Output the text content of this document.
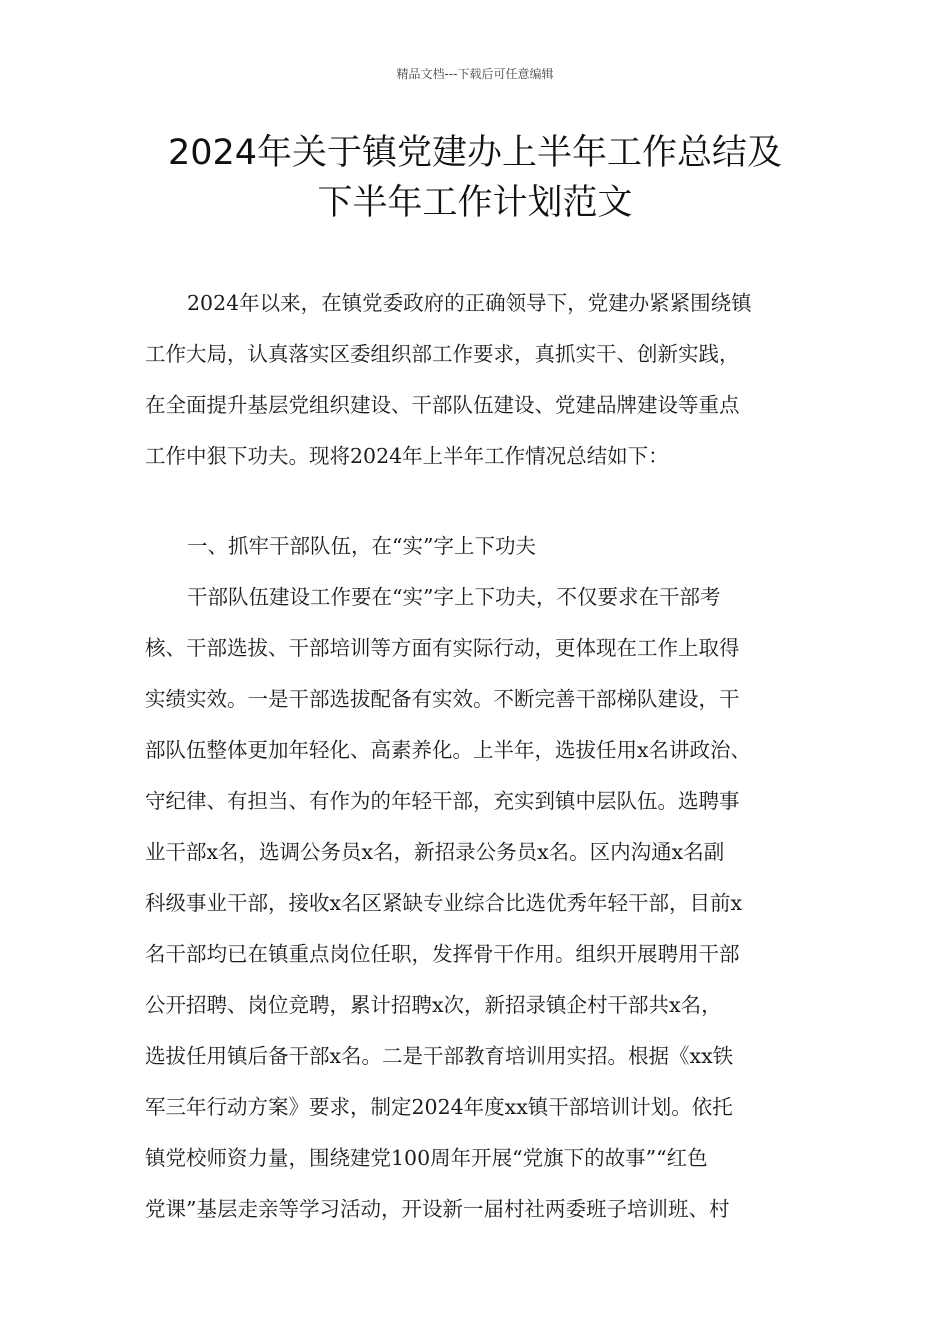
精品文档---下载后可任意编辑
2024年关于镇党建办上半年工作总结及
下半年工作计划范文
2024年以来，在镇党委政府的正确领导下，党建办紧紧围绕镇
工作大局，认真落实区委组织部工作要求，真抓实干、创新实践，
在全面提升基层党组织建设、干部队伍建设、党建品牌建设等重点
工作中狠下功夫。现将2024年上半年工作情况总结如下：
一、抓牢干部队伍，在“实”字上下功夫
干部队伍建设工作要在“实”字上下功夫，不仅要求在干部考
核、干部选拔、干部培训等方面有实际行动，更体现在工作上取得
实绩实效。一是干部选拔配备有实效。不断完善干部梯队建设，干
部队伍整体更加年轻化、高素养化。上半年，选拔任用x名讲政治、
守纪律、有担当、有作为的年轻干部，充实到镇中层队伍。选聘事
业干部x名，选调公务员x名，新招录公务员x名。区内沟通x名副
科级事业干部，接收x名区紧缺专业综合比选优秀年轻干部，目前x
名干部均已在镇重点岗位任职，发挥骨干作用。组织开展聘用干部
公开招聘、岗位竞聘，累计招聘x次，新招录镇企村干部共x名，
选拔任用镇后备干部x名。二是干部教育培训用实招。根据《xx铁
军三年行动方案》要求，制定2024年度xx镇干部培训计划。依托
镇党校师资力量，围绕建党100周年开展“党旗下的故事”“红色
党课”基层走亲等学习活动，开设新一届村社两委班子培训班、村
